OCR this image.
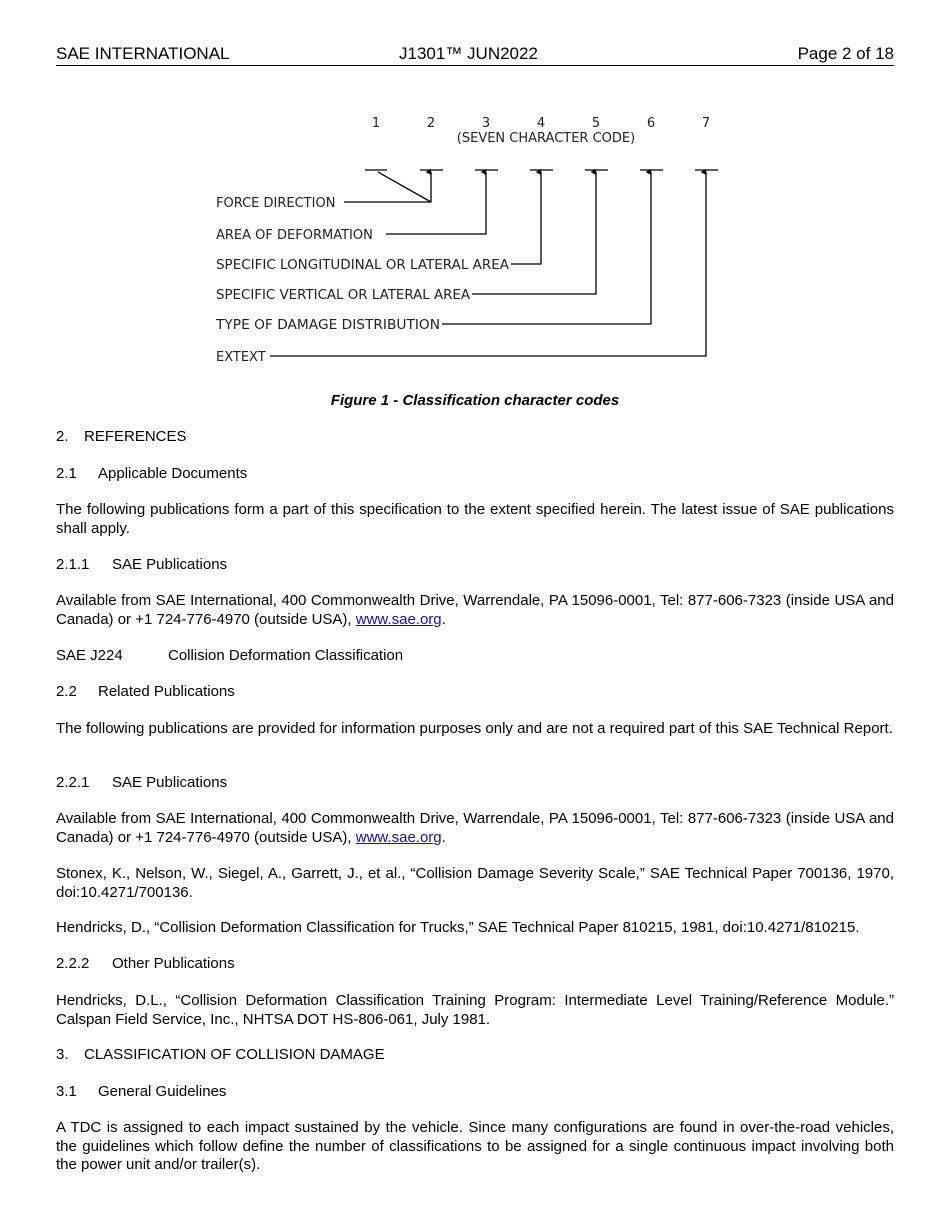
SAE INTERNATIONAL	J1301™ JUN2022	Page 2 of 18
1	2	3	4	5	6	7
(SEVEN CHARACTER CODE)
FORCE DIRECTION
AREA OF DEFORMATION
SPECIFIC LONGITUDINAL OR LATERAL AREA
SPECIFIC VERTICAL OR LATERAL AREA
TYPE OF DAMAGE DISTRIBUTION
EXTEXT
Figure 1 - Classification character codes
2. REFERENCES
2.1 Applicable Documents
The following publications form a part of this specification to the extent specified herein. The latest issue of SAE publications shall apply.
2.1.1 SAE Publications
Available from SAE International, 400 Commonwealth Drive, Warrendale, PA 15096-0001, Tel: 877-606-7323 (inside USA and Canada) or +1 724-776-4970 (outside USA), www.sae.org.
SAE J224	Collision Deformation Classification
2.2 Related Publications
The following publications are provided for information purposes only and are not a required part of this SAE Technical Report.
2.2.1 SAE Publications
Available from SAE International, 400 Commonwealth Drive, Warrendale, PA 15096-0001, Tel: 877-606-7323 (inside USA and Canada) or +1 724-776-4970 (outside USA), www.sae.org.
Stonex, K., Nelson, W., Siegel, A., Garrett, J., et al., “Collision Damage Severity Scale,” SAE Technical Paper 700136, 1970, doi:10.4271/700136.
Hendricks, D., “Collision Deformation Classification for Trucks,” SAE Technical Paper 810215, 1981, doi:10.4271/810215.
2.2.2 Other Publications
Hendricks, D.L., “Collision Deformation Classification Training Program: Intermediate Level Training/Reference Module.” Calspan Field Service, Inc., NHTSA DOT HS-806-061, July 1981.
3. CLASSIFICATION OF COLLISION DAMAGE
3.1 General Guidelines
A TDC is assigned to each impact sustained by the vehicle. Since many configurations are found in over-the-road vehicles, the guidelines which follow define the number of classifications to be assigned for a single continuous impact involving both the power unit and/or trailer(s).
